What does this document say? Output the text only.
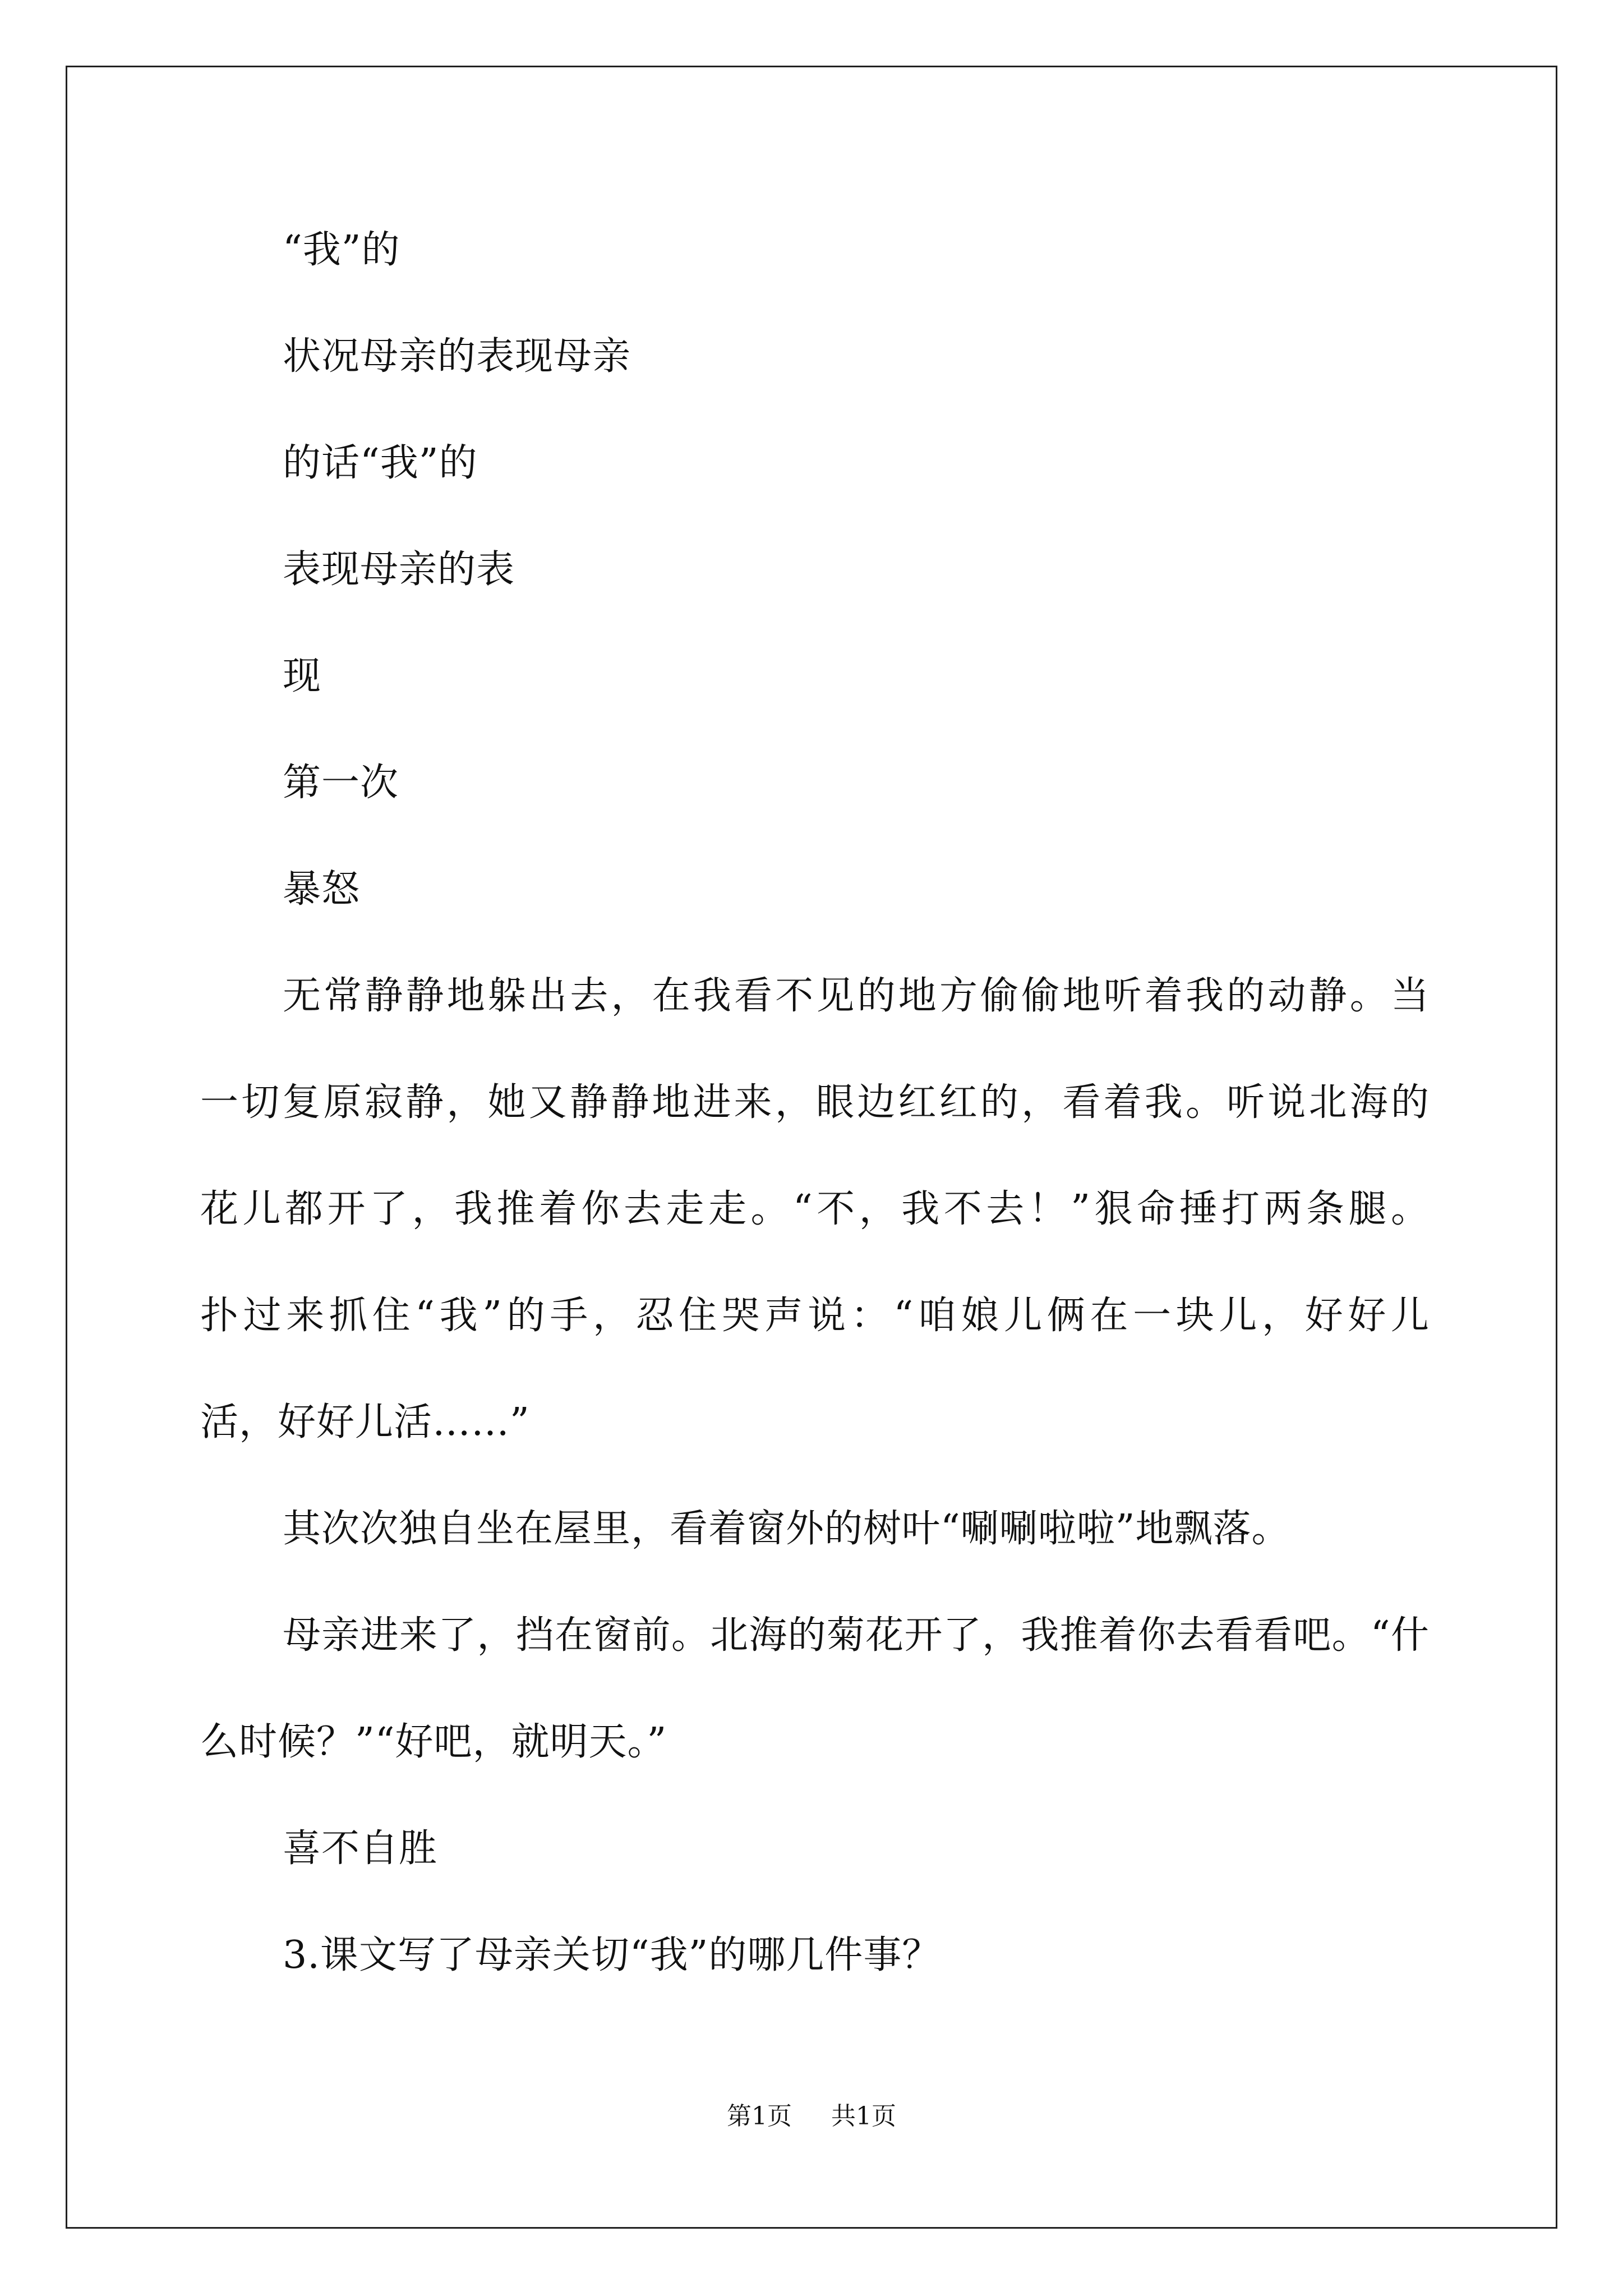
“我”的
状况母亲的表现母亲
的话“我”的
表现母亲的表
现
第一次
暴怒
无常静静地躲出去，在我看不见的地方偷偷地听着我的动静。当
一切复原寂静，她又静静地进来，眼边红红的，看着我。听说北海的
花儿都开了，我推着你去走走。“不，我不去！”狠命捶打两条腿。
扑过来抓住“我”的手，忍住哭声说：“咱娘儿俩在一块儿，好好儿
活，好好儿活……”
其次次独自坐在屋里，看着窗外的树叶“唰唰啦啦”地飘落。
母亲进来了，挡在窗前。北海的菊花开了，我推着你去看看吧。“什
么时候？”“好吧，就明天。”
喜不自胜
3.课文写了母亲关切“我”的哪几件事？
第1页 共1页
